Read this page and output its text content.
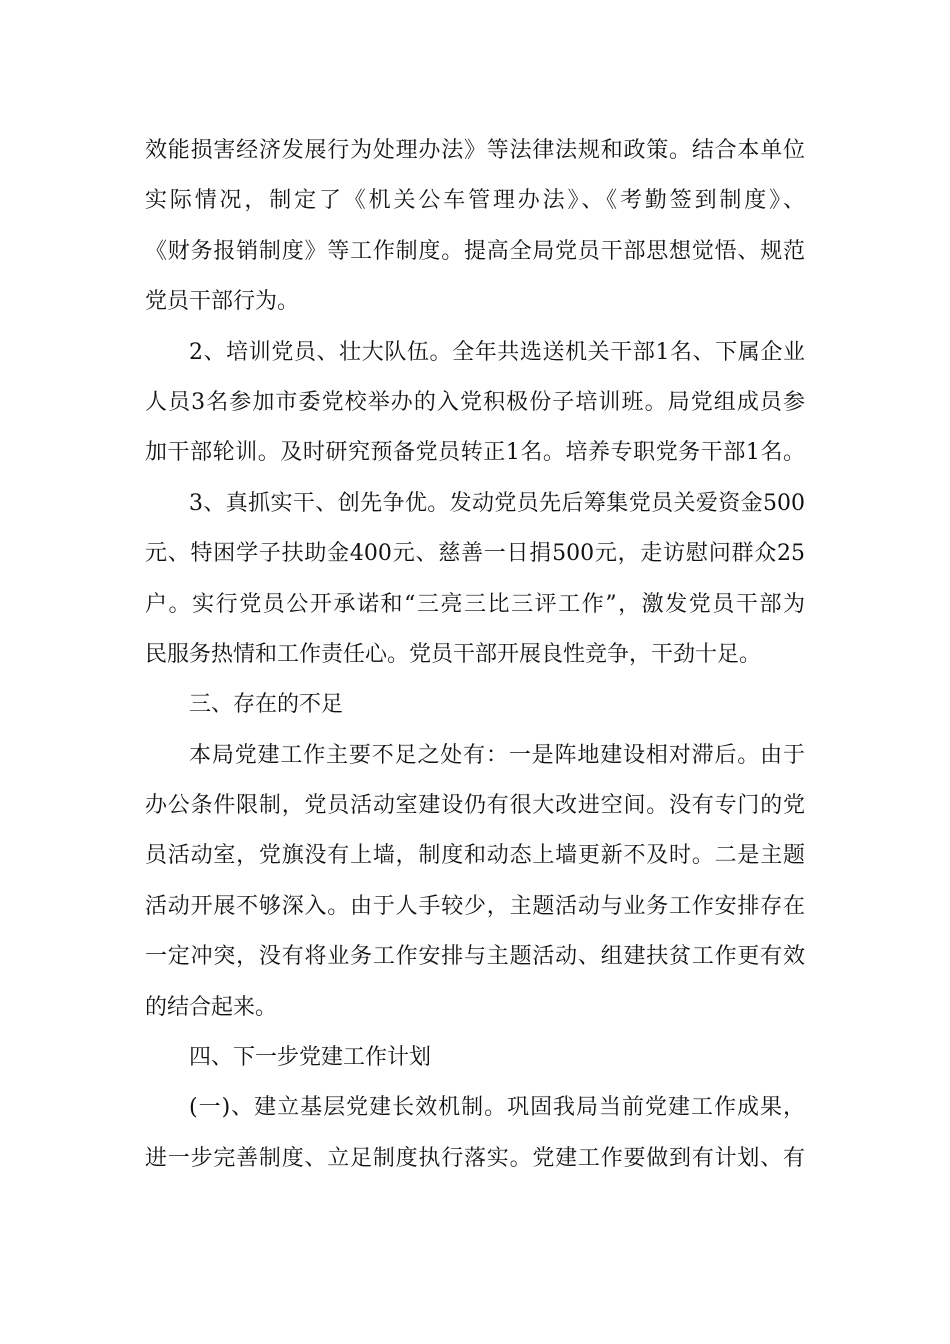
效能损害经济发展行为处理办法》等法律法规和政策。结合本单位
实际情况，制定了《机关公车管理办法》、《考勤签到制度》、
《财务报销制度》等工作制度。提高全局党员干部思想觉悟、规范
党员干部行为。
2、培训党员、壮大队伍。全年共选送机关干部1名、下属企业
人员3名参加市委党校举办的入党积极份子培训班。局党组成员参
加干部轮训。及时研究预备党员转正1名。培养专职党务干部1名。
3、真抓实干、创先争优。发动党员先后筹集党员关爱资金500
元、特困学子扶助金400元、慈善一日捐500元，走访慰问群众25
户。实行党员公开承诺和“三亮三比三评工作”，激发党员干部为
民服务热情和工作责任心。党员干部开展良性竞争，干劲十足。
三、存在的不足
本局党建工作主要不足之处有：一是阵地建设相对滞后。由于
办公条件限制，党员活动室建设仍有很大改进空间。没有专门的党
员活动室，党旗没有上墙，制度和动态上墙更新不及时。二是主题
活动开展不够深入。由于人手较少，主题活动与业务工作安排存在
一定冲突，没有将业务工作安排与主题活动、组建扶贫工作更有效
的结合起来。
四、下一步党建工作计划
(一)、建立基层党建长效机制。巩固我局当前党建工作成果，
进一步完善制度、立足制度执行落实。党建工作要做到有计划、有
